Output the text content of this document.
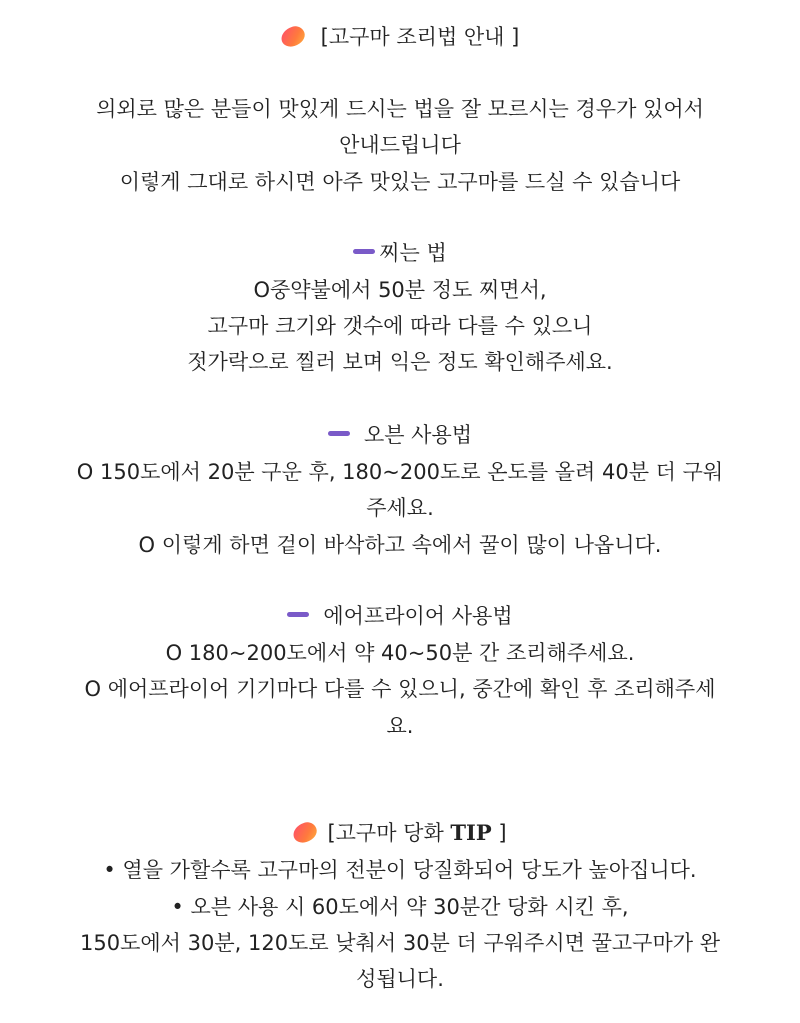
[고구마 조리법 안내 ]
의외로 많은 분들이 맛있게 드시는 법을 잘 모르시는 경우가 있어서
안내드립니다
이렇게 그대로 하시면 아주 맛있는 고구마를 드실 수 있습니다
찌는 법
O중약불에서 50분 정도 찌면서,
고구마 크기와 갯수에 따라 다를 수 있으니
젓가락으로 찔러 보며 익은 정도 확인해주세요.
오븐 사용법
O 150도에서 20분 구운 후, 180~200도로 온도를 올려 40분 더 구워
주세요.
O 이렇게 하면 겉이 바삭하고 속에서 꿀이 많이 나옵니다.
에어프라이어 사용법
O 180~200도에서 약 40~50분 간 조리해주세요.
O 에어프라이어 기기마다 다를 수 있으니, 중간에 확인 후 조리해주세
요.
[고구마 당화 TIP ]
• 열을 가할수록 고구마의 전분이 당질화되어 당도가 높아집니다.
• 오븐 사용 시 60도에서 약 30분간 당화 시킨 후,
150도에서 30분, 120도로 낮춰서 30분 더 구워주시면 꿀고구마가 완
성됩니다.
